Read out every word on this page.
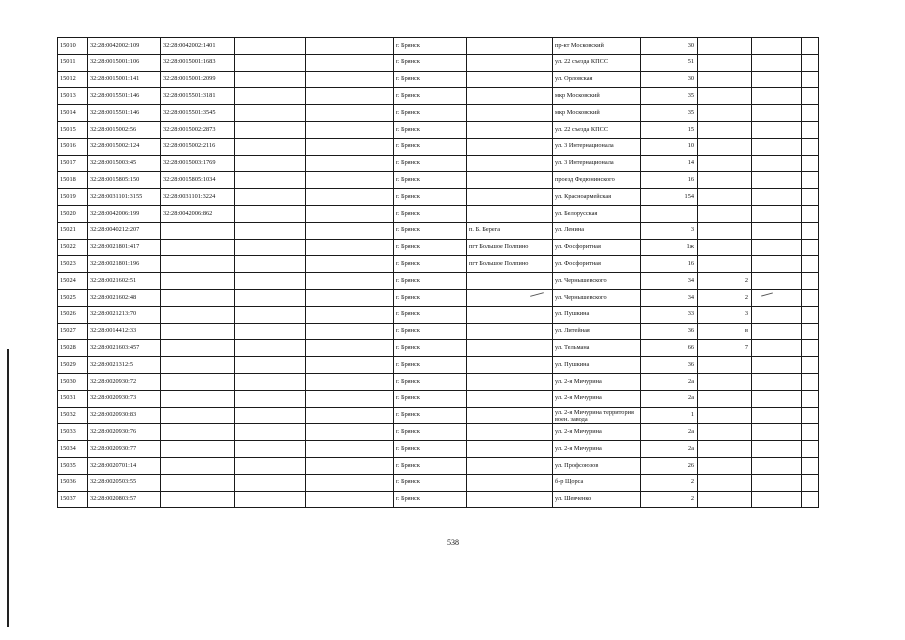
15010	32:28:0042002:109	32:28:0042002:1401			г. Брянск		пр-кт Московский	30			
15011	32:28:0015001:106	32:28:0015001:1683			г. Брянск		ул. 22 съезда КПСС	51			
15012	32:28:0015001:141	32:28:0015001:2099			г. Брянск		ул. Орловская	30			
15013	32:28:0015501:146	32:28:0015501:3181			г. Брянск		мкр Московский	35			
15014	32:28:0015501:146	32:28:0015501:3545			г. Брянск		мкр Московский	35			
15015	32:28:0015002:56	32:28:0015002:2873			г. Брянск		ул. 22 съезда КПСС	15			
15016	32:28:0015002:124	32:28:0015002:2116			г. Брянск		ул. 3 Интернационала	10			
15017	32:28:0015003:45	32:28:0015003:1769			г. Брянск		ул. 3 Интернационала	14			
15018	32:28:0015805:150	32:28:0015805:1034			г. Брянск		проезд Федюнинского	16			
15019	32:28:0031101:3155	32:28:0031101:3224			г. Брянск		ул. Красноармейская	154			
15020	32:28:0042006:199	32:28:0042006:862			г. Брянск		ул. Белорусская				
15021	32:28:0040212:207				г. Брянск	п. Б. Берега	ул. Ленина	3			
15022	32:28:0021801:417				г. Брянск	пгт Большое Полпино	ул. Фосфоритная	1ж			
15023	32:28:0021801:196				г. Брянск	пгт Большое Полпино	ул. Фосфоритная	16			
15024	32:28:0021602:51				г. Брянск		ул. Чернышевского	34	2		
15025	32:28:0021602:48				г. Брянск		ул. Чернышевского	34	2		
15026	32:28:0021213:70				г. Брянск		ул. Пушкина	33	3		
15027	32:28:0014412:33				г. Брянск		ул. Литейная	36	в		
15028	32:28:0021603:457				г. Брянск		ул. Тельмана	66	7		
15029	32:28:0021312:5				г. Брянск		ул. Пушкина	36			
15030	32:28:0020930:72				г. Брянск		ул. 2-я Мичурина	2а			
15031	32:28:0020930:73				г. Брянск		ул. 2-я Мичурина	2а			
15032	32:28:0020930:83				г. Брянск		ул. 2-я Мичурина территория воен. завода	1			
15033	32:28:0020930:76				г. Брянск		ул. 2-я Мичурина	2а			
15034	32:28:0020930:77				г. Брянск		ул. 2-я Мичурина	2а			
15035	32:28:0020701:14				г. Брянск		ул. Профсоюзов	26			
15036	32:28:0020503:55				г. Брянск		б-р Щорса	2			
15037	32:28:0020803:57				г. Брянск		ул. Шевченко	2			
538
